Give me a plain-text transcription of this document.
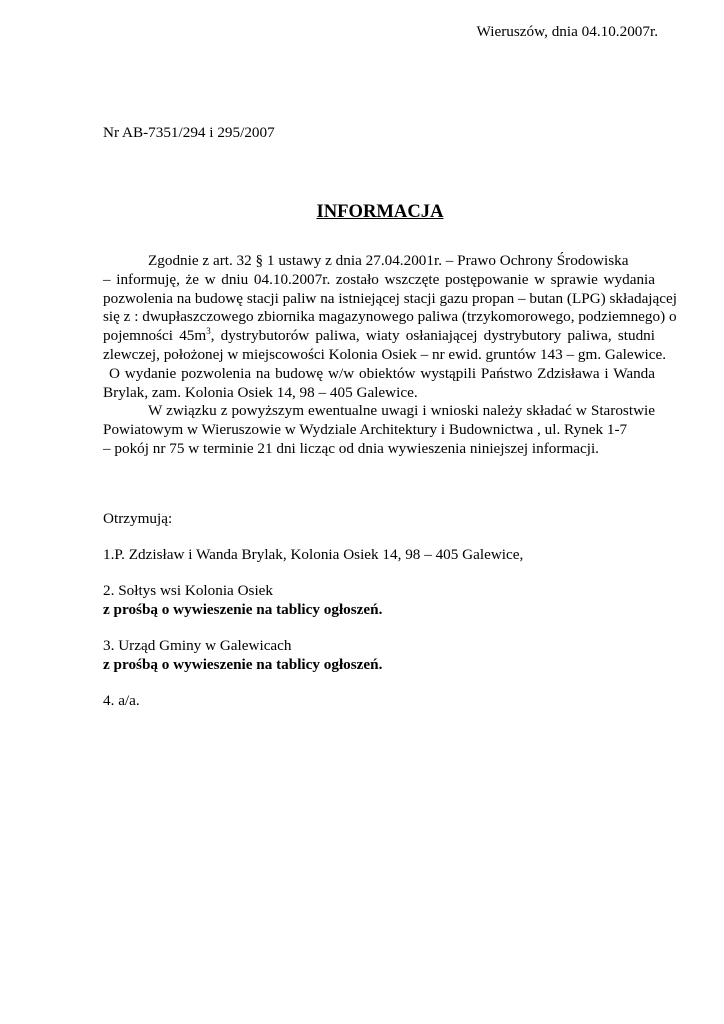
Wieruszów, dnia 04.10.2007r.
Nr AB-7351/294 i 295/2007
INFORMACJA
Zgodnie z art. 32 § 1 ustawy z dnia 27.04.2001r. – Prawo Ochrony Środowiska
– informuję, że w dniu 04.10.2007r. zostało wszczęte postępowanie w sprawie wydania
pozwolenia na budowę stacji paliw na istniejącej stacji gazu propan – butan (LPG) składającej
się z : dwupłaszczowego zbiornika magazynowego paliwa (trzykomorowego, podziemnego) o
pojemności $45m^3$, dystrybutorów paliwa, wiaty osłaniającej dystrybutory paliwa, studni
zlewczej, położonej w miejscowości Kolonia Osiek – nr ewid. gruntów 143 – gm. Galewice.
O wydanie pozwolenia na budowę w/w obiektów wystąpili Państwo Zdzisława i Wanda
Brylak, zam. Kolonia Osiek 14, 98 – 405 Galewice.
W związku z powyższym ewentualne uwagi i wnioski należy składać w Starostwie
Powiatowym w Wieruszowie w Wydziale Architektury i Budownictwa , ul. Rynek 1-7
– pokój nr 75 w terminie 21 dni licząc od dnia wywieszenia niniejszej informacji.
Otrzymują:
1.P. Zdzisław i Wanda Brylak, Kolonia Osiek 14, 98 – 405 Galewice,
2. Sołtys wsi Kolonia Osiek
z prośbą o wywieszenie na tablicy ogłoszeń.
3. Urząd Gminy w Galewicach
z prośbą o wywieszenie na tablicy ogłoszeń.
4. a/a.
